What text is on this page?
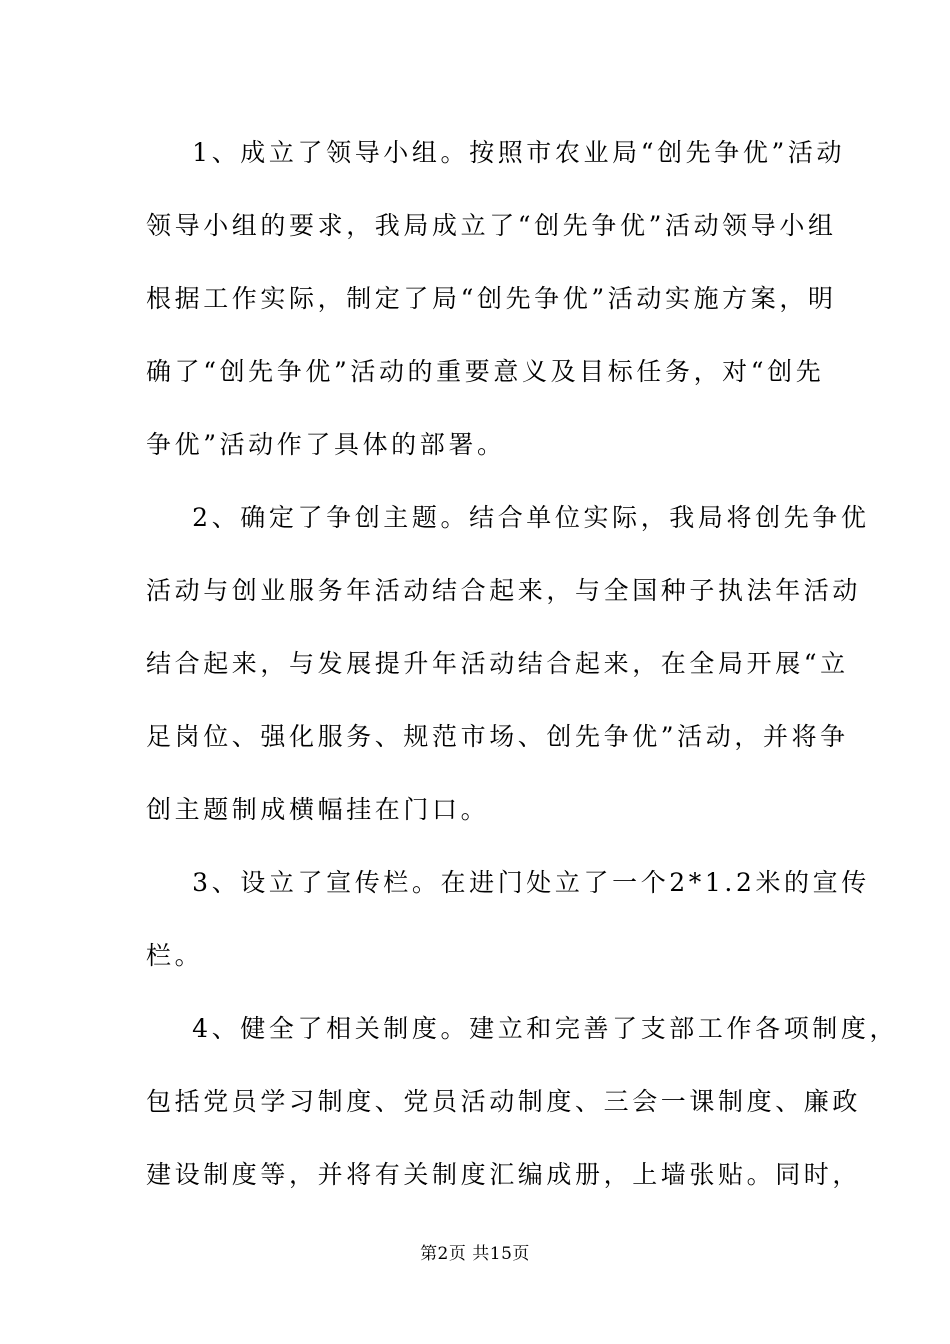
1、成立了领导小组。按照市农业局“创先争优”活动
领导小组的要求，我局成立了“创先争优”活动领导小组
根据工作实际，制定了局“创先争优”活动实施方案，明
确了“创先争优”活动的重要意义及目标任务，对“创先
争优”活动作了具体的部署。
2、确定了争创主题。结合单位实际，我局将创先争优
活动与创业服务年活动结合起来，与全国种子执法年活动
结合起来，与发展提升年活动结合起来，在全局开展“立
足岗位、强化服务、规范市场、创先争优”活动，并将争
创主题制成横幅挂在门口。
3、设立了宣传栏。在进门处立了一个2*1.2米的宣传
栏。
4、健全了相关制度。建立和完善了支部工作各项制度，
包括党员学习制度、党员活动制度、三会一课制度、廉政
建设制度等，并将有关制度汇编成册，上墙张贴。同时，
第2页 共15页
